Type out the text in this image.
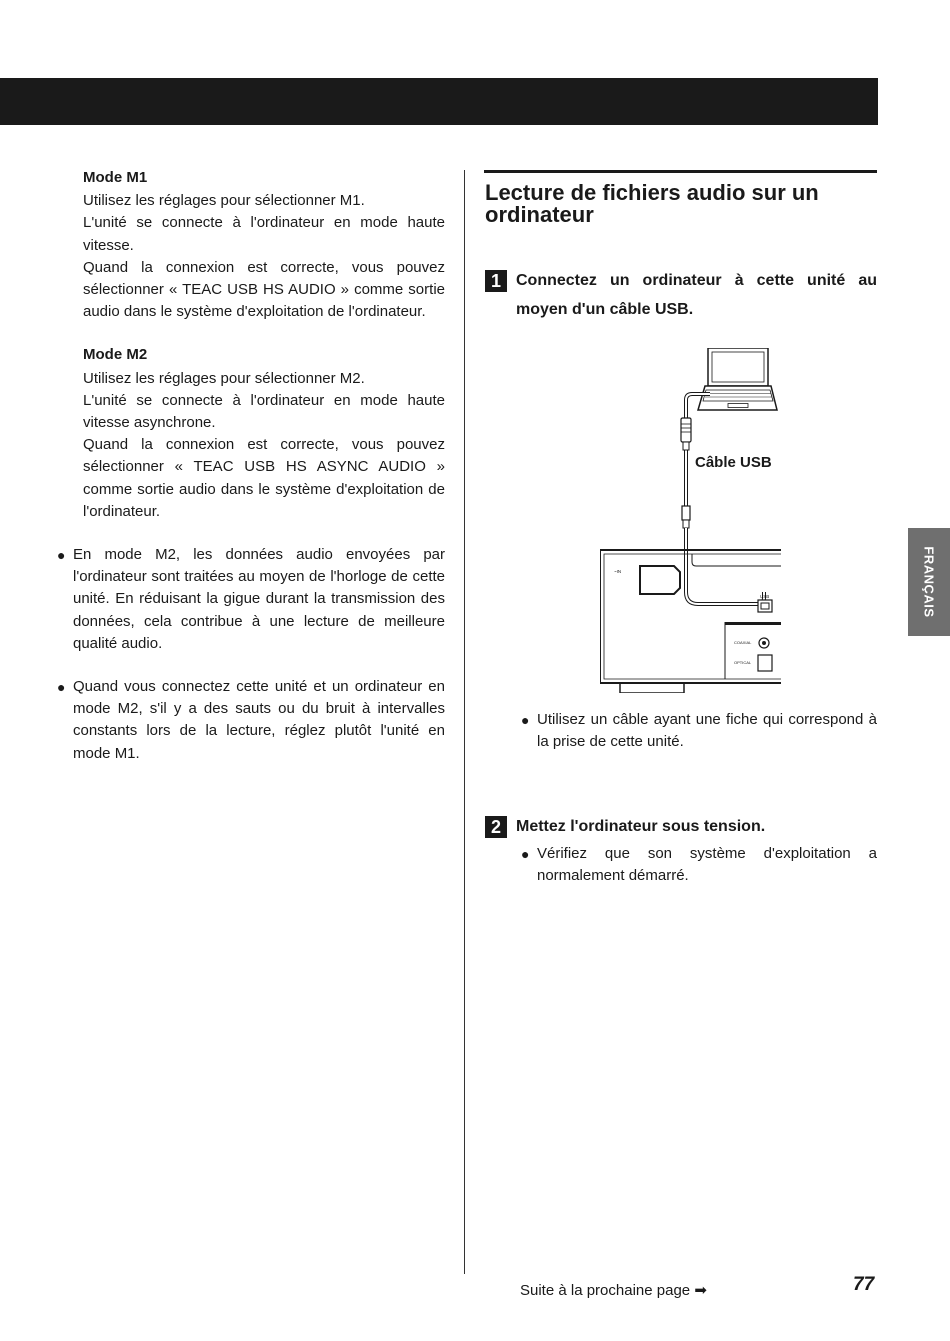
Mode M1
Utilisez les réglages pour sélectionner M1.
L'unité se connecte à l'ordinateur en mode haute vitesse.
Quand la connexion est correcte, vous pouvez sélectionner « TEAC USB HS AUDIO » comme sortie audio dans le système d'exploitation de l'ordinateur.
Mode M2
Utilisez les réglages pour sélectionner M2.
L'unité se connecte à l'ordinateur en mode haute vitesse asynchrone.
Quand la connexion est correcte, vous pouvez sélectionner « TEAC USB HS ASYNC AUDIO » comme sortie audio dans le système d'exploitation de l'ordinateur.
● En mode M2, les données audio envoyées par l'ordinateur sont traitées au moyen de l'horloge de cette unité. En réduisant la gigue durant la transmission des données, cela contribue à une lecture de meilleure qualité audio.
● Quand vous connectez cette unité et un ordinateur en mode M2, s'il y a des sauts ou du bruit à intervalles constants lors de la lecture, réglez plutôt l'unité en mode M1.
Lecture de fichiers audio sur un ordinateur
1 Connectez un ordinateur à cette unité au moyen d'un câble USB.
~IN
USB
DIGITAL IN
COAXIAL
OPTICAL
Câble USB
● Utilisez un câble ayant une fiche qui correspond à la prise de cette unité.
2 Mettez l'ordinateur sous tension.
● Vérifiez que son système d'exploitation a normalement démarré.
FRANÇAIS
Suite à la prochaine page ➡	77
